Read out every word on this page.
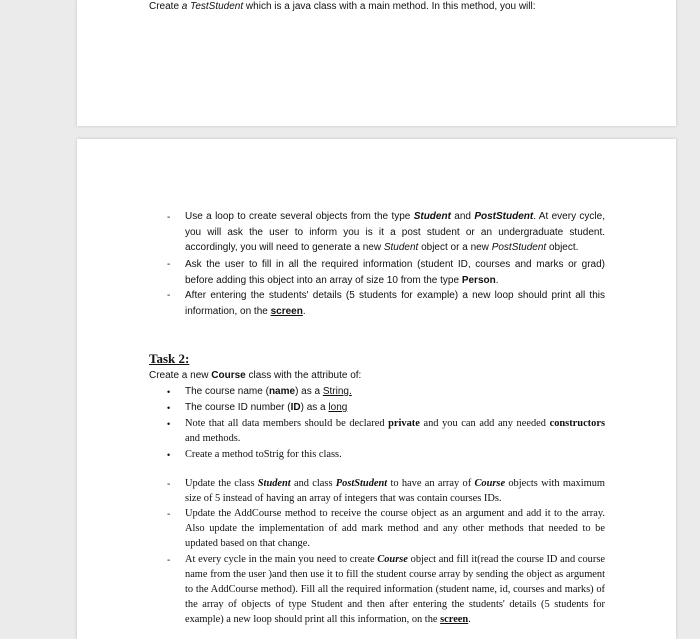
Create a TestStudent which is a java class with a main method. In this method, you will:
- Use a loop to create several objects from the type Student and PostStudent. At every cycle, you will ask the user to inform you is it a post student or an undergraduate student. accordingly, you will need to generate a new Student object or a new PostStudent object.
- Ask the user to fill in all the required information (student ID, courses and marks or grad) before adding this object into an array of size 10 from the type Person.
- After entering the students' details (5 students for example) a new loop should print all this information, on the screen.
Task 2:
Create a new Course class with the attribute of:
• The course name (name) as a String.
• The course ID number (ID) as a long
• Note that all data members should be declared private and you can add any needed constructors and methods.
• Create a method toStrig for this class.
- Update the class Student and class PostStudent to have an array of Course objects with maximum size of 5 instead of having an array of integers that was contain courses IDs.
- Update the AddCourse method to receive the course object as an argument and add it to the array. Also update the implementation of add mark method and any other methods that needed to be updated based on that change.
- At every cycle in the main you need to create Course object and fill it(read the course ID and course name from the user )and then use it to fill the student course array by sending the object as argument to the AddCourse method). Fill all the required information (student name, id, courses and marks) of the array of objects of type Student and then after entering the students' details (5 students for example) a new loop should print all this information, on the screen.
